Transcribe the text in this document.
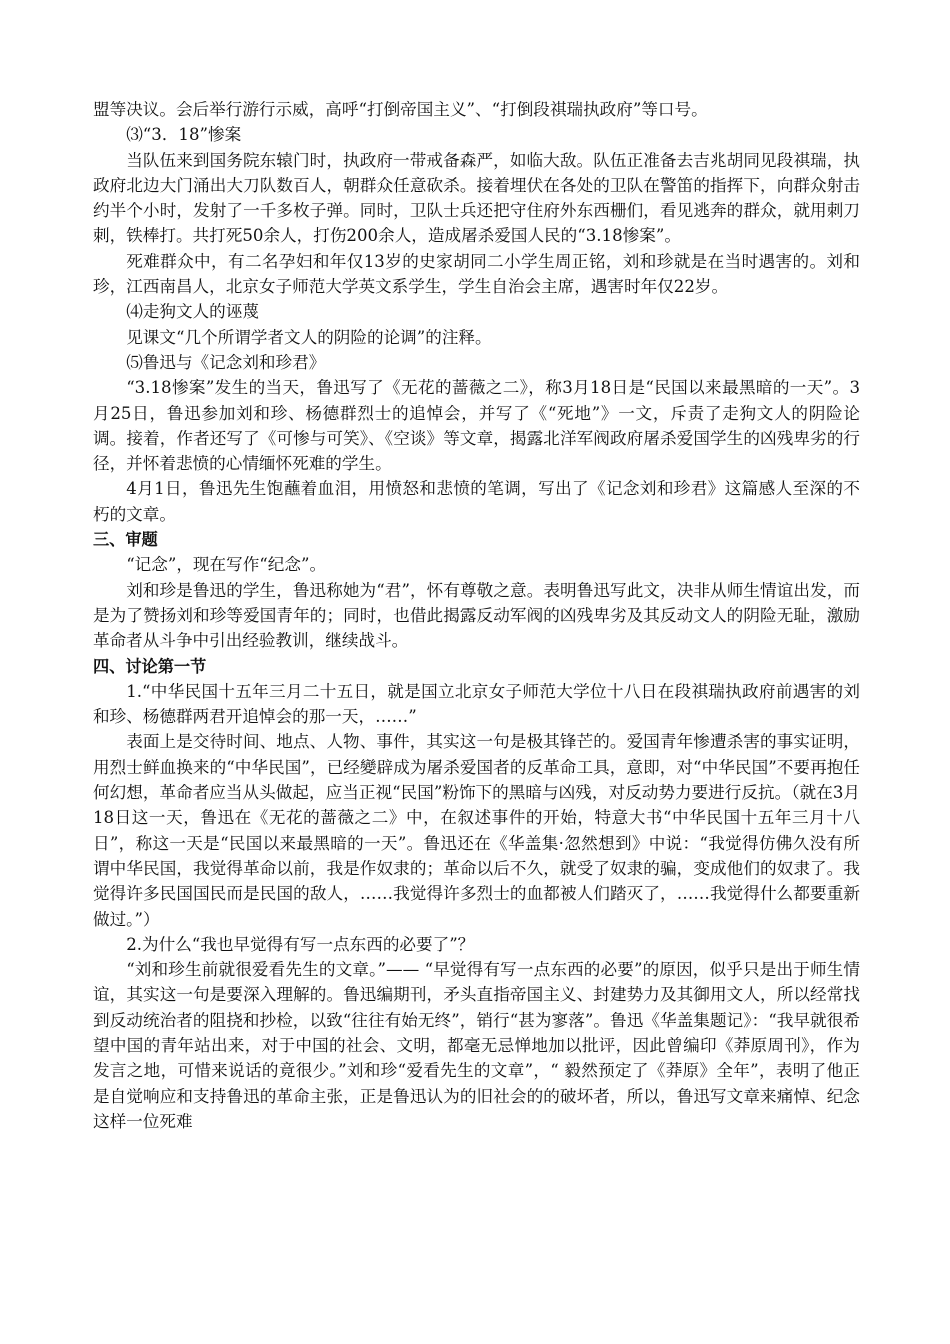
盟等决议。会后举行游行示威，高呼“打倒帝国主义”、“打倒段祺瑞执政府”等口号。

⑶“3．18”惨案

当队伍来到国务院东辕门时，执政府一带戒备森严，如临大敌。队伍正准备去吉兆胡同见段祺瑞，执政府北边大门涌出大刀队数百人，朝群众任意砍杀。接着埋伏在各处的卫队在警笛的指挥下，向群众射击约半个小时，发射了一千多枚子弹。同时，卫队士兵还把守住府外东西栅们，看见逃奔的群众，就用刺刀刺，铁棒打。共打死50余人，打伤200余人，造成屠杀爱国人民的“3.18惨案”。

死难群众中，有二名孕妇和年仅13岁的史家胡同二小学生周正铭，刘和珍就是在当时遇害的。刘和珍，江西南昌人，北京女子师范大学英文系学生，学生自治会主席，遇害时年仅22岁。

⑷走狗文人的诬蔑

见课文“几个所谓学者文人的阴险的论调”的注释。

⑸鲁迅与《记念刘和珍君》

“3.18惨案”发生的当天，鲁迅写了《无花的蔷薇之二》，称3月18日是“民国以来最黑暗的一天”。3月25日，鲁迅参加刘和珍、杨德群烈士的追悼会，并写了《“死地”》一文，斥责了走狗文人的阴险论调。接着，作者还写了《可惨与可笑》、《空谈》等文章，揭露北洋军阀政府屠杀爱国学生的凶残卑劣的行径，并怀着悲愤的心情缅怀死难的学生。

4月1日，鲁迅先生饱蘸着血泪，用愤怒和悲愤的笔调，写出了《记念刘和珍君》这篇感人至深的不朽的文章。

三、审题

“记念”，现在写作“纪念”。

刘和珍是鲁迅的学生，鲁迅称她为“君”，怀有尊敬之意。表明鲁迅写此文，决非从师生情谊出发，而是为了赞扬刘和珍等爱国青年的；同时，也借此揭露反动军阀的凶残卑劣及其反动文人的阴险无耻，激励革命者从斗争中引出经验教训，继续战斗。

四、讨论第一节

1.“中华民国十五年三月二十五日，就是国立北京女子师范大学位十八日在段祺瑞执政府前遇害的刘和珍、杨德群两君开追悼会的那一天，……”

表面上是交待时间、地点、人物、事件，其实这一句是极其锋芒的。爱国青年惨遭杀害的事实证明，用烈士鲜血换来的“中华民国”，已经變辟成为屠杀爱国者的反革命工具，意即，对“中华民国”不要再抱任何幻想，革命者应当从头做起，应当正视“民国”粉饰下的黑暗与凶残，对反动势力要进行反抗。（就在3月18日这一天，鲁迅在《无花的蔷薇之二》中，在叙述事件的开始，特意大书“中华民国十五年三月十八日”，称这一天是“民国以来最黑暗的一天”。鲁迅还在《华盖集·忽然想到》中说：“我觉得仿佛久没有所谓中华民国，我觉得革命以前，我是作奴隶的；革命以后不久，就受了奴隶的骗，变成他们的奴隶了。我觉得许多民国国民而是民国的敌人，……我觉得许多烈士的血都被人们踏灭了，……我觉得什么都要重新做过。”）

2.为什么“我也早觉得有写一点东西的必要了”？

“刘和珍生前就很爱看先生的文章。”—— “早觉得有写一点东西的必要”的原因，似乎只是出于师生情谊，其实这一句是要深入理解的。鲁迅编期刊，矛头直指帝国主义、封建势力及其御用文人，所以经常找到反动统治者的阻挠和抄检，以致“往往有始无终”，销行“甚为寥落”。鲁迅《华盖集题记》：“我早就很希望中国的青年站出来，对于中国的社会、文明，都毫无忌惮地加以批评，因此曾编印《莽原周刊》，作为发言之地，可惜来说话的竟很少。”刘和珍“爱看先生的文章”，“ 毅然预定了《莽原》全年”，表明了他正是自觉响应和支持鲁迅的革命主张，正是鲁迅认为的旧社会的的破坏者，所以，鲁迅写文章来痛悼、纪念这样一位死难
